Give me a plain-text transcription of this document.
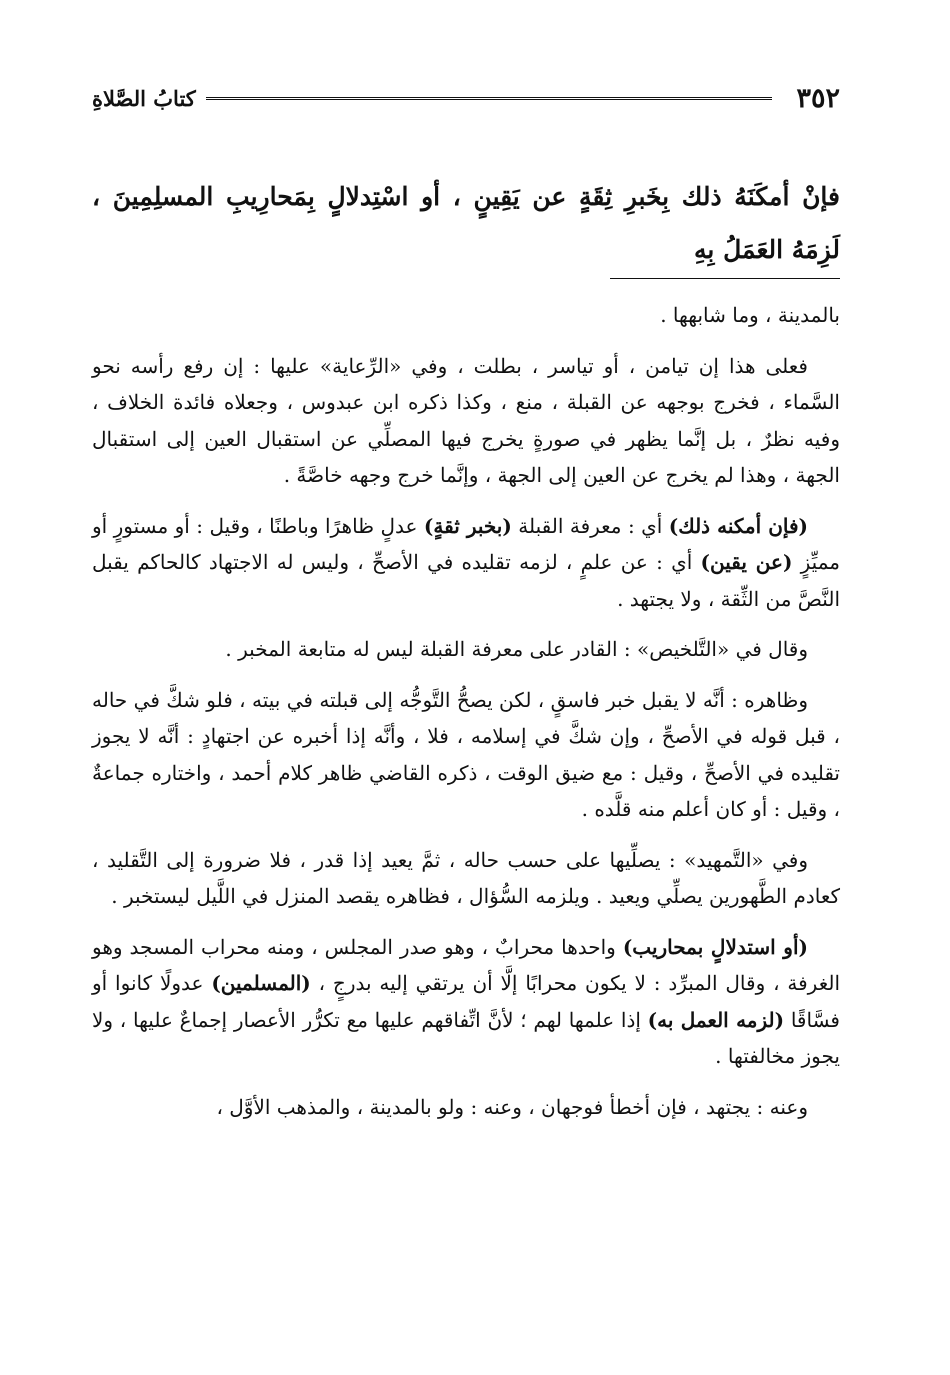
٣٥٢
كتابُ الصَّلاةِ
فإنْ أمكَنَهُ ذلك بِخَبرِ ثِقَةٍ عن يَقِينٍ ، أو اسْتِدلالٍ بِمَحارِيبِ المسلِمِينَ ، لَزِمَهُ العَمَلُ بِهِ

بالمدينة ، وما شابهها .

فعلى هذا إن تيامن ، أو تياسر ، بطلت ، وفي «الرِّعاية» عليها : إن رفع رأسه نحو السَّماء ، فخرج بوجهه عن القبلة ، منع ، وكذا ذكره ابن عبدوس ، وجعلاه فائدة الخلاف ، وفيه نظرٌ ، بل إنَّما يظهر في صورةٍ يخرج فيها المصلِّي عن استقبال العين إلى استقبال الجهة ، وهذا لم يخرج عن العين إلى الجهة ، وإنَّما خرج وجهه خاصَّةً .

(فإن أمكنه ذلك) أي : معرفة القبلة (بخبر ثقةٍ) عدلٍ ظاهرًا وباطنًا ، وقيل : أو مستورٍ أو مميِّزٍ (عن يقين) أي : عن علمٍ ، لزمه تقليده في الأصحِّ ، وليس له الاجتهاد كالحاكم يقبل النَّصَّ من الثِّقة ، ولا يجتهد .

وقال في «التَّلخيص» : القادر على معرفة القبلة ليس له متابعة المخبر .

وظاهره : أنَّه لا يقبل خبر فاسقٍ ، لكن يصحُّ التَّوجُّه إلى قبلته في بيته ، فلو شكَّ في حاله ، قبل قوله في الأصحِّ ، وإن شكَّ في إسلامه ، فلا ، وأنَّه إذا أخبره عن اجتهادٍ : أنَّه لا يجوز تقليده في الأصحِّ ، وقيل : مع ضيق الوقت ، ذكره القاضي ظاهر كلام أحمد ، واختاره جماعةٌ ، وقيل : أو كان أعلم منه قلَّده .

وفي «التَّمهيد» : يصلِّيها على حسب حاله ، ثمَّ يعيد إذا قدر ، فلا ضرورة إلى التَّقليد ، كعادم الطَّهورين يصلِّي ويعيد . ويلزمه السُّؤال ، فظاهره يقصد المنزل في اللَّيل ليستخبر .

(أو استدلالٍ بمحاريب) واحدها محرابٌ ، وهو صدر المجلس ، ومنه محراب المسجد وهو الغرفة ، وقال المبرِّد : لا يكون محرابًا إلَّا أن يرتقي إليه بدرجٍ ، (المسلمين) عدولًا كانوا أو فسَّاقًا (لزمه العمل به) إذا علمها لهم ؛ لأنَّ اتِّفاقهم عليها مع تكرُّر الأعصار إجماعٌ عليها ، ولا يجوز مخالفتها .

وعنه : يجتهد ، فإن أخطأ فوجهان ، وعنه : ولو بالمدينة ، والمذهب الأوَّل ،
